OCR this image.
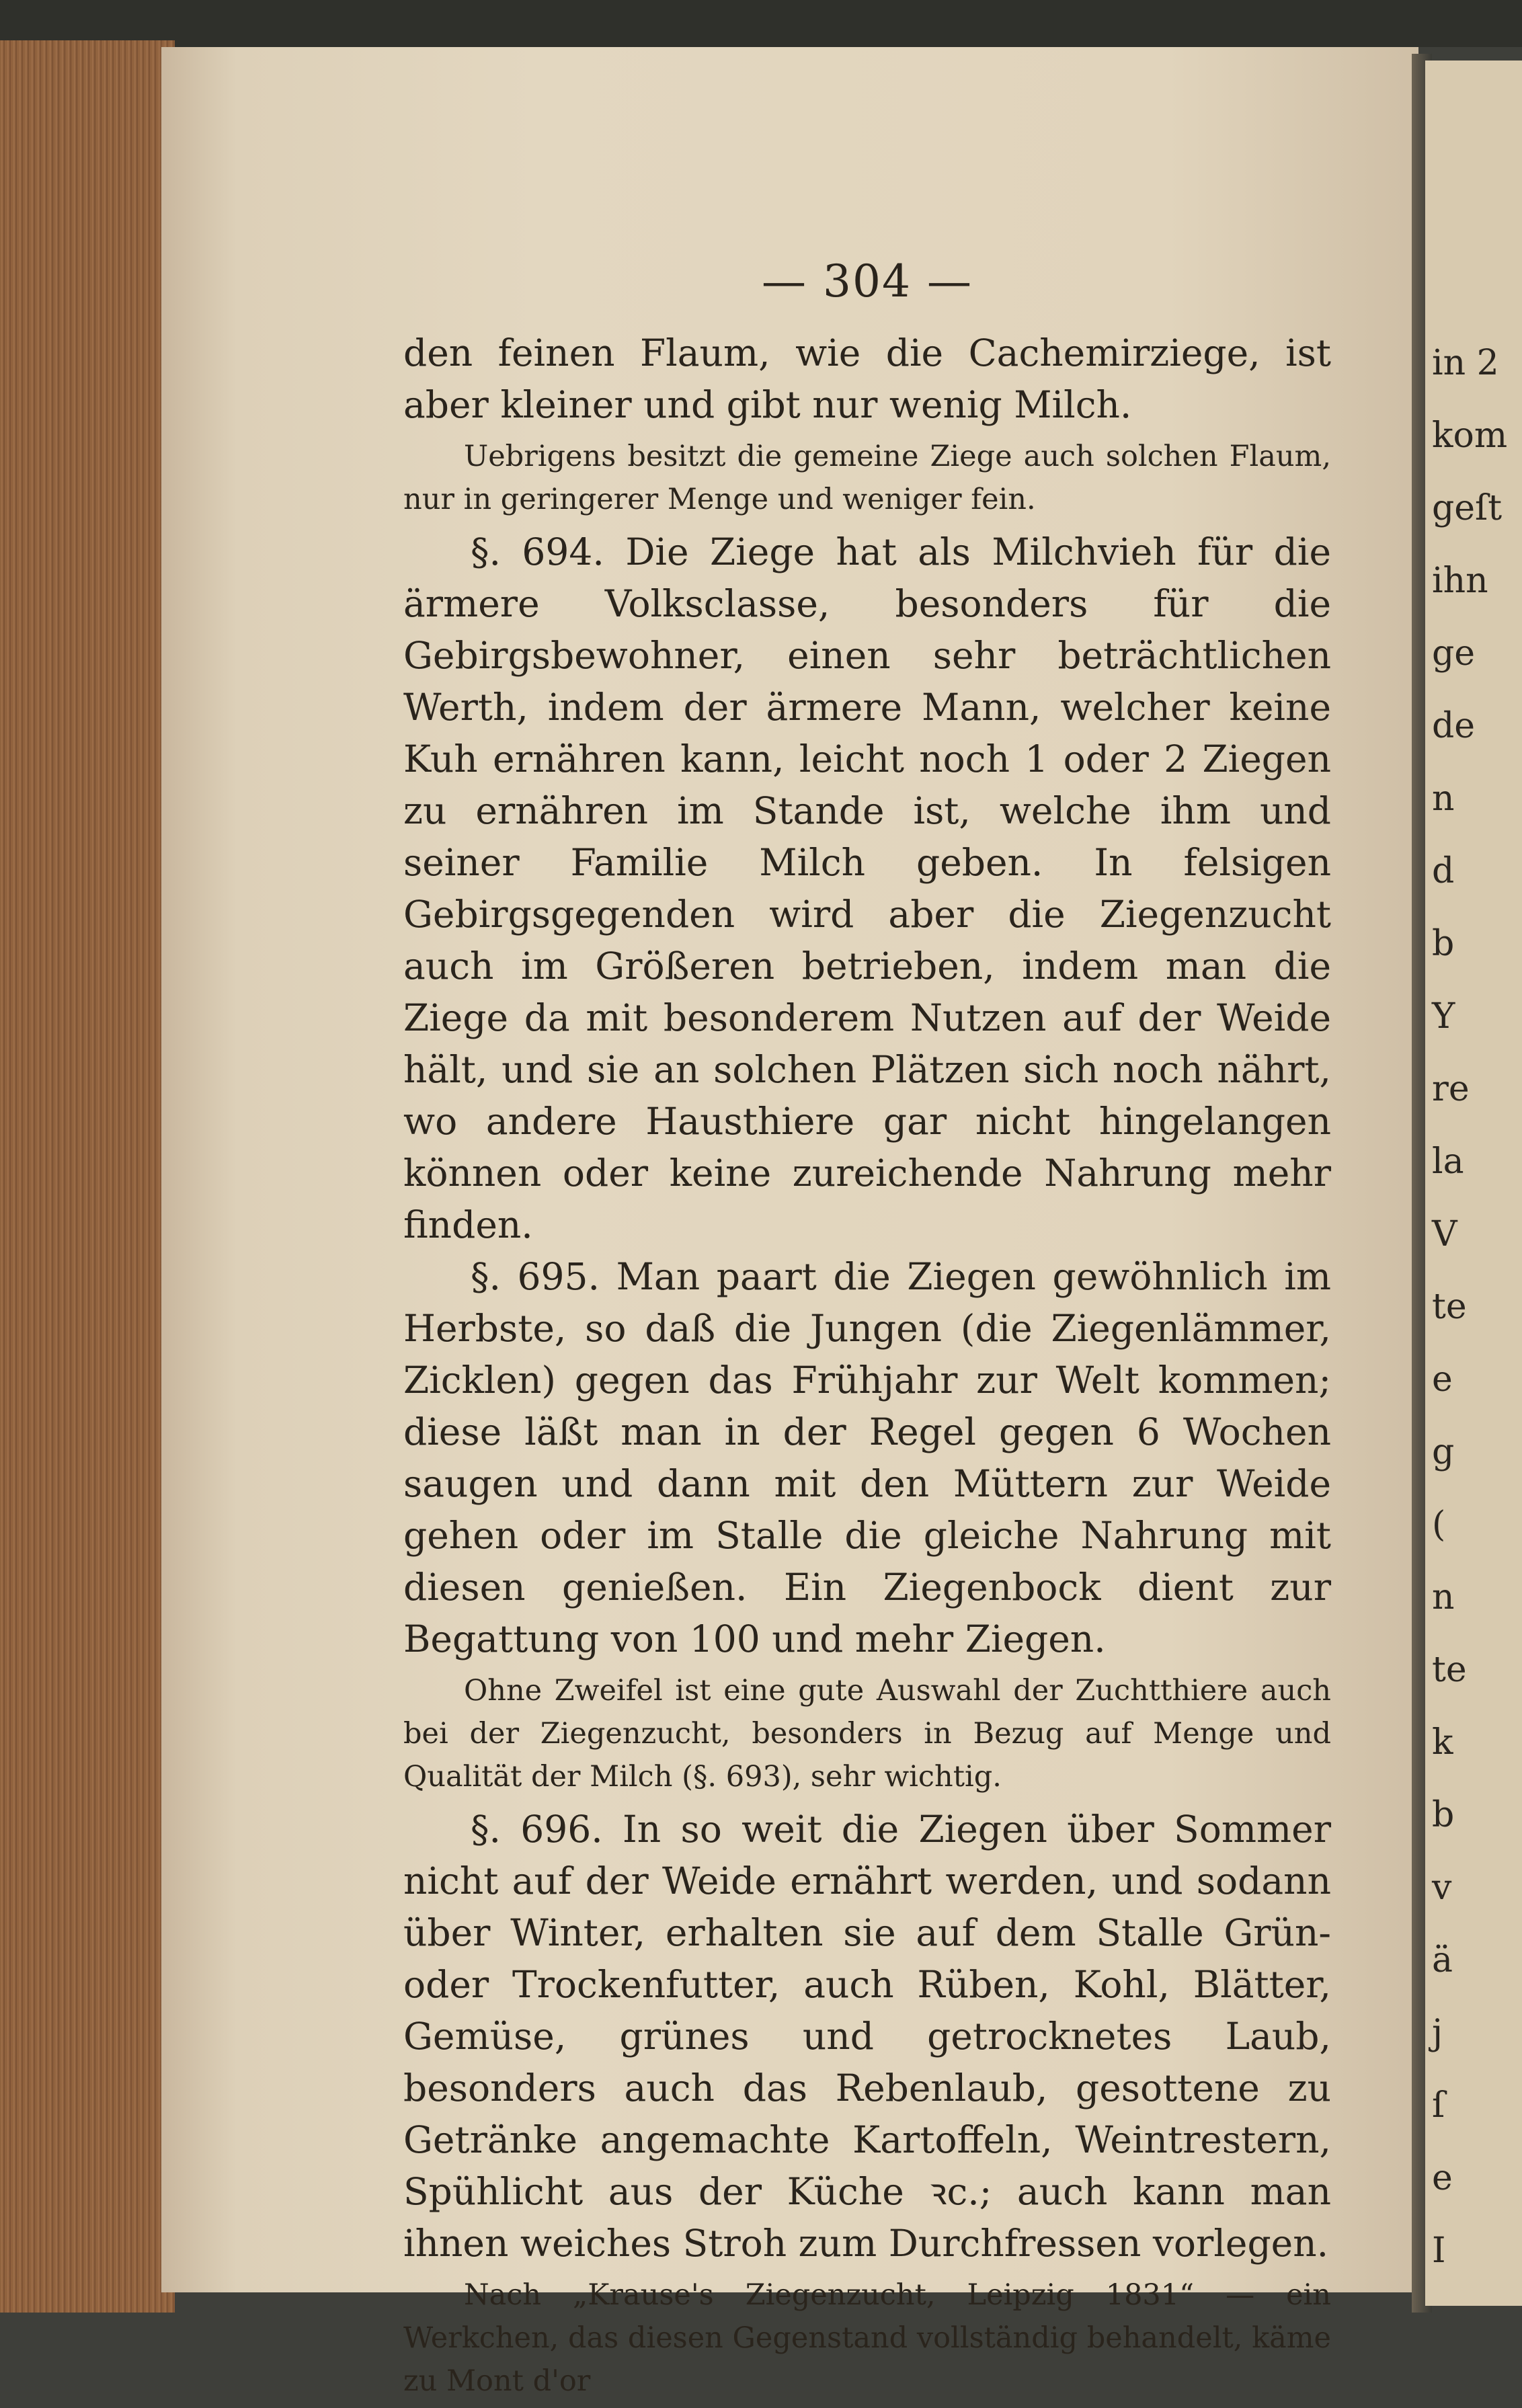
in 2
kom
geſt
ihn
ge
de
n
d
b
Y
re
la
V
te
e
g
(
n
te
k
b
v
ä
j
ſ
e
I
— 304 —

den feinen Flaum, wie die Cachemirziege, ist aber kleiner und gibt nur wenig Milch.

Uebrigens besitzt die gemeine Ziege auch solchen Flaum, nur in geringerer Menge und weniger fein.

§. 694. Die Ziege hat als Milchvieh für die ärmere Volksclasse, besonders für die Gebirgsbewohner, einen sehr beträchtlichen Werth, indem der ärmere Mann, welcher keine Kuh ernähren kann, leicht noch 1 oder 2 Ziegen zu ernähren im Stande ist, welche ihm und seiner Familie Milch geben. In felsigen Gebirgsgegenden wird aber die Ziegenzucht auch im Größeren betrieben, indem man die Ziege da mit besonderem Nutzen auf der Weide hält, und sie an solchen Plätzen sich noch nährt, wo andere Hausthiere gar nicht hingelangen können oder keine zureichende Nahrung mehr finden.

§. 695. Man paart die Ziegen gewöhnlich im Herbste, so daß die Jungen (die Ziegenlämmer, Zicklen) gegen das Frühjahr zur Welt kommen; diese läßt man in der Regel gegen 6 Wochen saugen und dann mit den Müttern zur Weide gehen oder im Stalle die gleiche Nahrung mit diesen genießen. Ein Ziegenbock dient zur Begattung von 100 und mehr Ziegen.

Ohne Zweifel ist eine gute Auswahl der Zuchtthiere auch bei der Ziegenzucht, besonders in Bezug auf Menge und Qualität der Milch (§. 693), sehr wichtig.

§. 696. In so weit die Ziegen über Sommer nicht auf der Weide ernährt werden, und sodann über Winter, erhalten sie auf dem Stalle Grün- oder Trockenfutter, auch Rüben, Kohl, Blätter, Gemüse, grünes und getrocknetes Laub, besonders auch das Rebenlaub, gesottene zu Getränke angemachte Kartoffeln, Weintrestern, Spühlicht aus der Küche ꝛc.; auch kann man ihnen weiches Stroh zum Durchfressen vorlegen.

Nach „Krause's Ziegenzucht, Leipzig 1831“ — ein Werkchen, das diesen Gegenstand vollständig behandelt, käme zu Mont d'or
